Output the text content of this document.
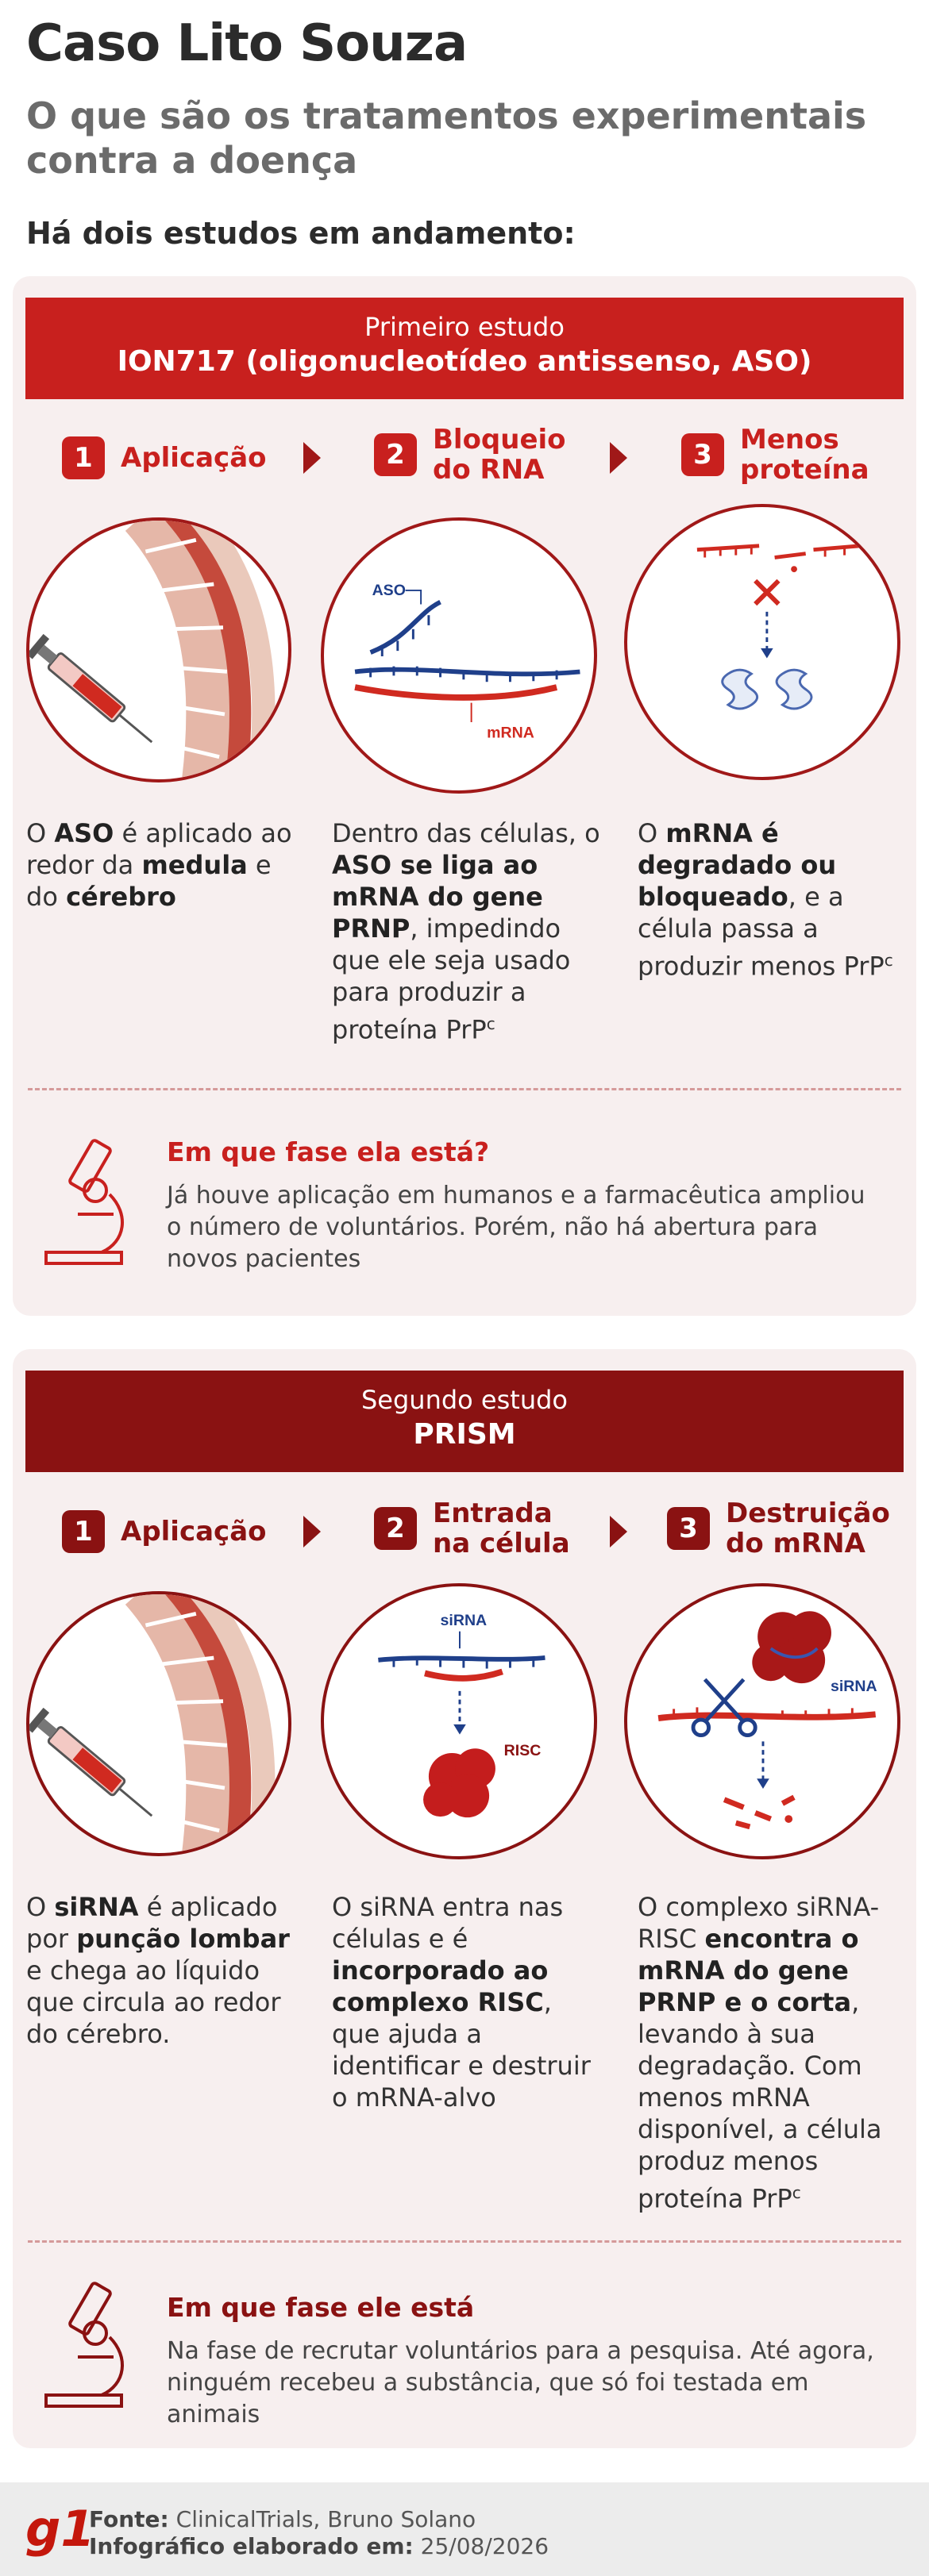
Caso Lito Souza
O que são os tratamentos experimentais contra a doença
Há dois estudos em andamento:
Primeiro estudo
ION717 (oligonucleotídeo antissenso, ASO)
1	Aplicação	2	Bloqueio do RNA	3	Menos proteína
ASO
mRNA
O ASO é aplicado ao redor da medula e do cérebro
Dentro das células, o ASO se liga ao mRNA do gene PRNP, impedindo que ele seja usado para produzir a proteína PrP$^c$
O mRNA é degradado ou bloqueado, e a célula passa a produzir menos PrP$^c$
Em que fase ela está?
Já houve aplicação em humanos e a farmacêutica ampliou o número de voluntários. Porém, não há abertura para novos pacientes
Segundo estudo
PRISM
1	Aplicação	2	Entrada na célula	3	Destruição do mRNA
siRNA
RISC
siRNA
O siRNA é aplicado por punção lombar e chega ao líquido que circula ao redor do cérebro.
O siRNA entra nas células e é incorporado ao complexo RISC, que ajuda a identificar e destruir o mRNA-alvo
O complexo siRNA-RISC encontra o mRNA do gene PRNP e o corta, levando à sua degradação. Com menos mRNA disponível, a célula produz menos proteína PrP$^c$
Em que fase ele está
Na fase de recrutar voluntários para a pesquisa. Até agora, ninguém recebeu a substância, que só foi testada em animais
g1
Fonte: ClinicalTrials, Bruno Solano
Infográfico elaborado em: 25/08/2026
